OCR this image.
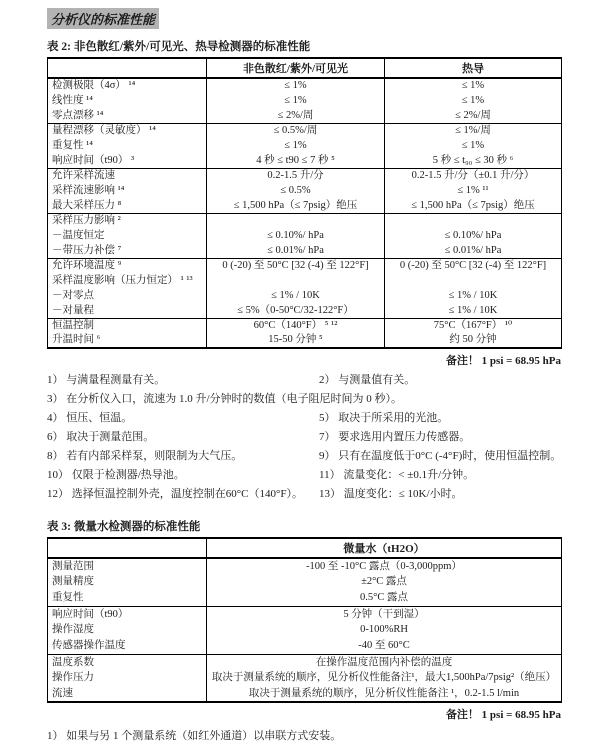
分析仪的标准性能
表 2: 非色散红/紫外/可见光、热导检测器的标准性能
	非色散红/紫外/可见光	热导
检测极限（4σ） ¹⁴	≤ 1%	≤ 1%
线性度 ¹⁴	≤ 1%	≤ 1%
零点漂移 ¹⁴	≤ 2%/周	≤ 2%/周
量程漂移（灵敏度） ¹⁴	≤ 0.5%/周	≤ 1%/周
重复性 ¹⁴	≤ 1%	≤ 1%
响应时间（t90） ³	4 秒 ≤ t90 ≤ 7 秒 ⁵	5 秒 ≤ t₉₀ ≤ 30 秒 ⁶
允许采样流速	0.2-1.5 升/分	0.2-1.5 升/分（±0.1 升/分）
采样流速影响 ¹⁴	≤ 0.5%	≤ 1% ¹¹
最大采样压力 ⁸	≤ 1,500 hPa（≤ 7psig）绝压	≤ 1,500 hPa（≤ 7psig）绝压
采样压力影响 ²		
－温度恒定	≤ 0.10%/ hPa	≤ 0.10%/ hPa
－带压力补偿 ⁷	≤ 0.01%/ hPa	≤ 0.01%/ hPa
允许环境温度 ⁹	0 (-20) 至 50°C [32 (-4) 至 122°F]	0 (-20) 至 50°C [32 (-4) 至 122°F]
采样温度影响（压力恒定） ¹ ¹³		
－对零点	≤ 1% / 10K	≤ 1% / 10K
－对量程	≤ 5%（0-50°C/32-122°F）	≤ 1% / 10K
恒温控制	60°C（140°F） ⁵ ¹²	75°C（167°F） ¹⁰
升温时间 ⁶	15-50 分钟 ⁵	约 50 分钟
备注！ 1 psi = 68.95 hPa
1） 与满量程测量有关。	2） 与测量值有关。
3） 在分析仪入口，流速为 1.0 升/分钟时的数值（电子阻尼时间为 0 秒）。
4） 恒压、恒温。	5） 取决于所采用的光池。
6） 取决于测量范围。	7） 要求选用内置压力传感器。
8） 若有内部采样泵，则限制为大气压。	9） 只有在温度低于0°C (-4°F)时，使用恒温控制。
10） 仅限于检测器/热导池。	11） 流量变化：< ±0.1升/分钟。
12） 选择恒温控制外壳，温度控制在60°C（140°F）。	13） 温度变化：≤ 10K/小时。
表 3: 微量水检测器的标准性能
	微量水（tH2O）
测量范围	-100 至 -10°C 露点（0-3,000ppm）
测量精度	±2°C 露点
重复性	0.5°C 露点
响应时间（t90）	5 分钟（干到湿）
操作湿度	0-100%RH
传感器操作温度	-40 至 60°C
温度系数	在操作温度范围内补偿的温度
操作压力	取决于测量系统的顺序，见分析仪性能备注¹，最大1,500hPa/7psig²（绝压）
流速	取决于测量系统的顺序，见分析仪性能备注 ¹，0.2-1.5 l/min
备注！ 1 psi = 68.95 hPa
1） 如果与另 1 个测量系统（如红外通道）以串联方式安装。
